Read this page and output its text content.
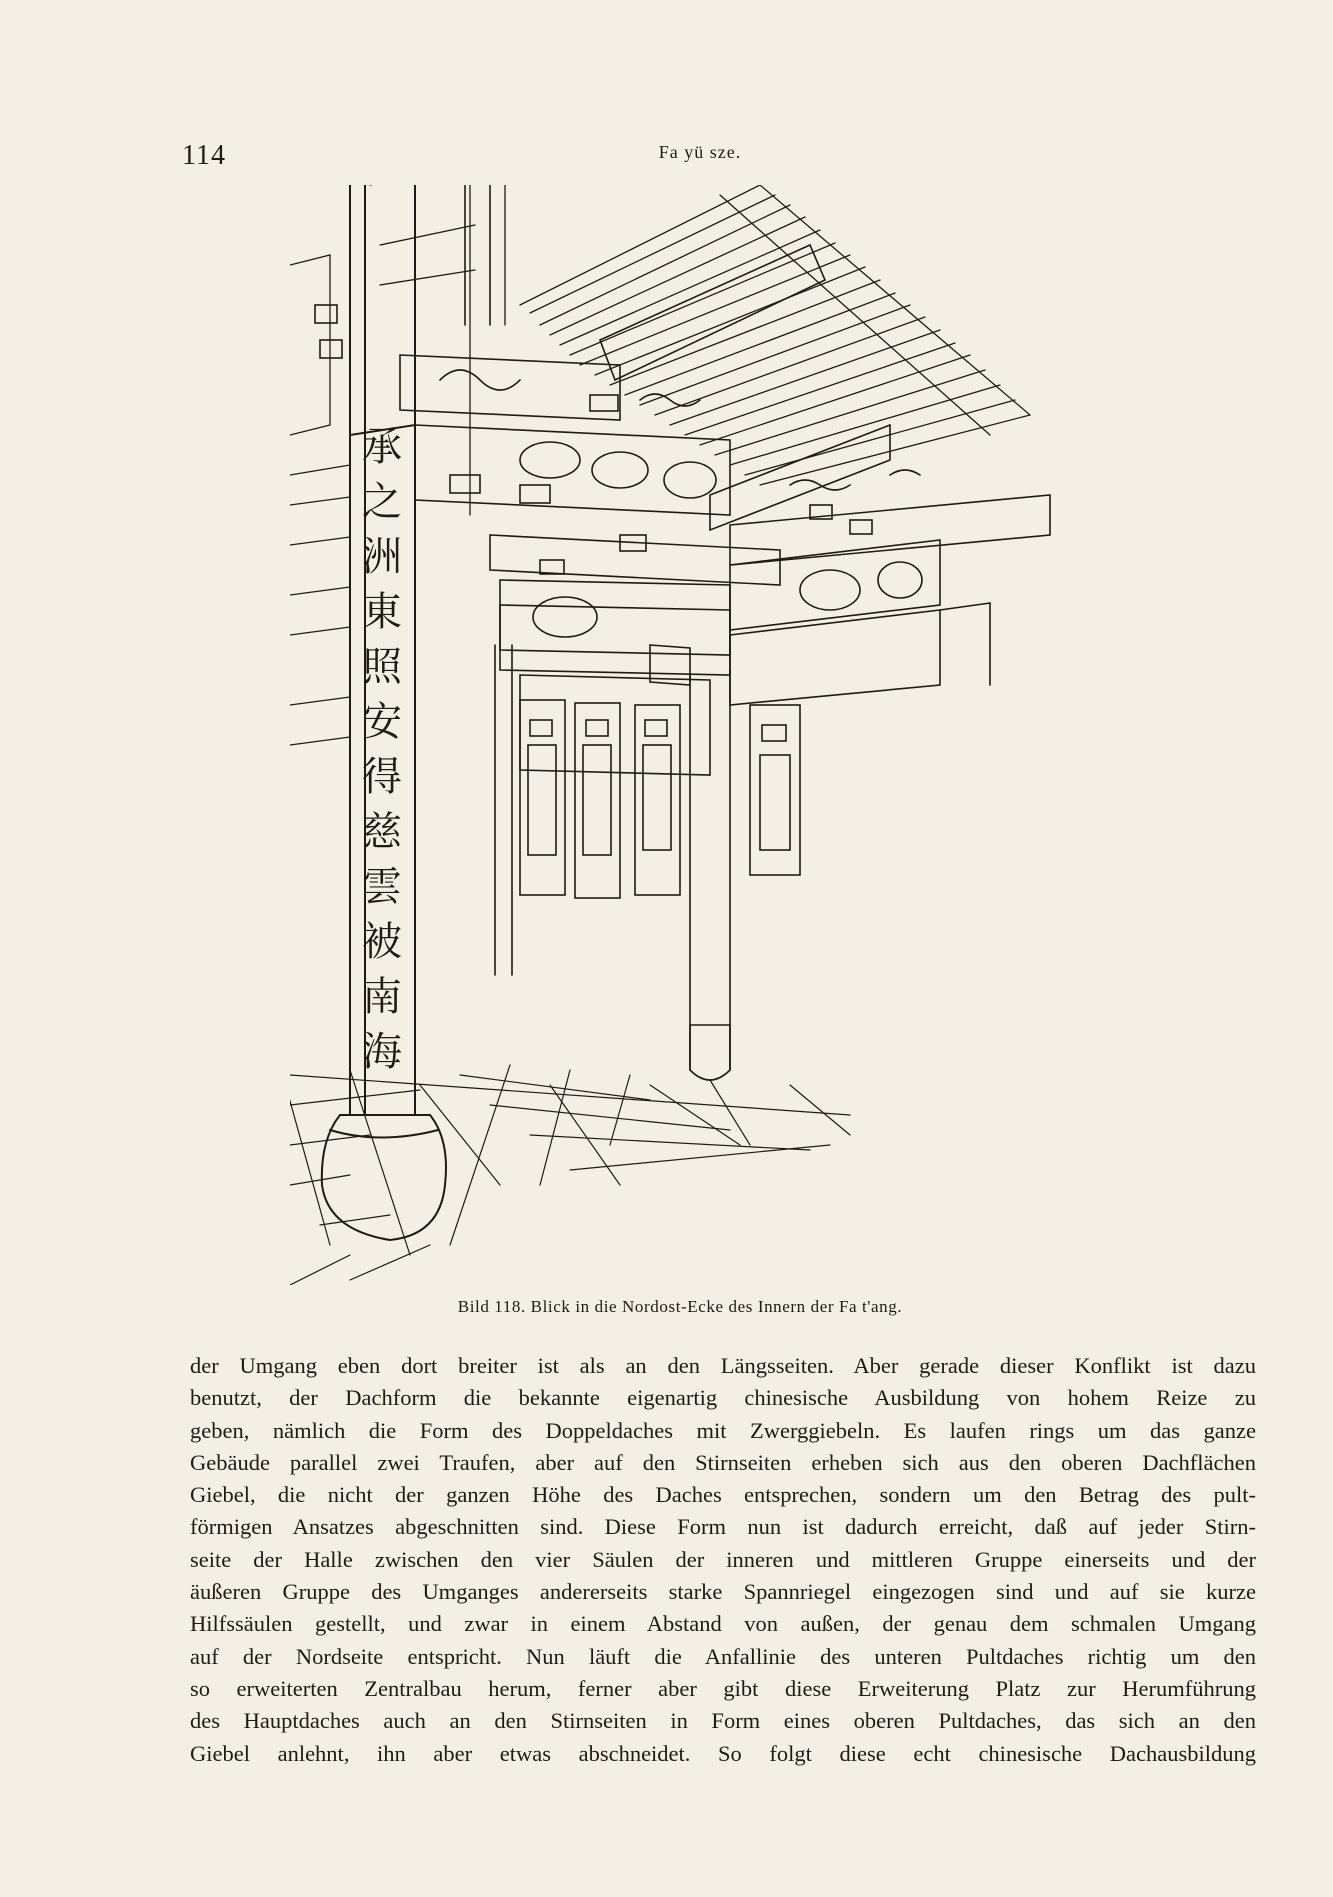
114	Fa yü sze.
承
之
洲
東
照
安
得
慈
雲
被
南
海
Bild 118. Blick in die Nordost-Ecke des Innern der Fa t'ang.
der Umgang eben dort breiter ist als an den Längsseiten. Aber gerade dieser Konflikt ist dazu
benutzt, der Dachform die bekannte eigenartig chinesische Ausbildung von hohem Reize zu
geben, nämlich die Form des Doppeldaches mit Zwerggiebeln. Es laufen rings um das ganze
Gebäude parallel zwei Traufen, aber auf den Stirnseiten erheben sich aus den oberen Dachflächen
Giebel, die nicht der ganzen Höhe des Daches entsprechen, sondern um den Betrag des pult-
förmigen Ansatzes abgeschnitten sind. Diese Form nun ist dadurch erreicht, daß auf jeder Stirn-
seite der Halle zwischen den vier Säulen der inneren und mittleren Gruppe einerseits und der
äußeren Gruppe des Umganges andererseits starke Spannriegel eingezogen sind und auf sie kurze
Hilfssäulen gestellt, und zwar in einem Abstand von außen, der genau dem schmalen Umgang
auf der Nordseite entspricht. Nun läuft die Anfallinie des unteren Pultdaches richtig um den
so erweiterten Zentralbau herum, ferner aber gibt diese Erweiterung Platz zur Herumführung
des Hauptdaches auch an den Stirnseiten in Form eines oberen Pultdaches, das sich an den
Giebel anlehnt, ihn aber etwas abschneidet. So folgt diese echt chinesische Dachausbildung
